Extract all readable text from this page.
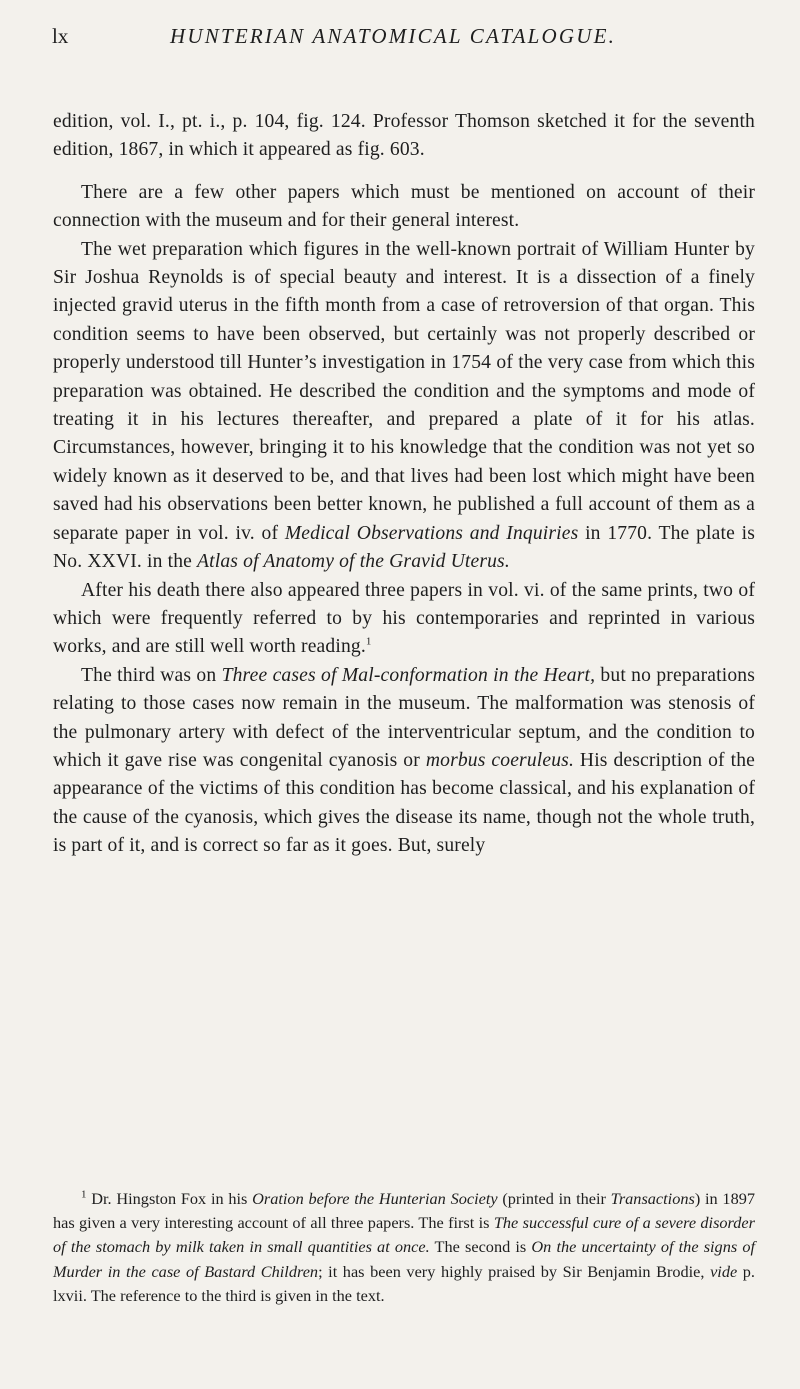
lx	HUNTERIAN ANATOMICAL CATALOGUE.

edition, vol. I., pt. i., p. 104, fig. 124. Professor Thomson sketched it for the seventh edition, 1867, in which it appeared as fig. 603.

There are a few other papers which must be mentioned on account of their connection with the museum and for their general interest.

The wet preparation which figures in the well-known portrait of William Hunter by Sir Joshua Reynolds is of special beauty and interest. It is a dissection of a finely injected gravid uterus in the fifth month from a case of retroversion of that organ. This condition seems to have been observed, but certainly was not properly described or properly understood till Hunter’s investigation in 1754 of the very case from which this preparation was obtained. He described the condition and the symptoms and mode of treating it in his lectures thereafter, and prepared a plate of it for his atlas. Circumstances, however, bringing it to his knowledge that the condition was not yet so widely known as it deserved to be, and that lives had been lost which might have been saved had his observations been better known, he published a full account of them as a separate paper in vol. iv. of Medical Observations and Inquiries in 1770. The plate is No. XXVI. in the Atlas of Anatomy of the Gravid Uterus.

After his death there also appeared three papers in vol. vi. of the same prints, two of which were frequently referred to by his contemporaries and reprinted in various works, and are still well worth reading.$^1$

The third was on Three cases of Mal-conformation in the Heart, but no preparations relating to those cases now remain in the museum. The malformation was stenosis of the pulmonary artery with defect of the interventricular septum, and the condition to which it gave rise was congenital cyanosis or morbus coeruleus. His description of the appearance of the victims of this condition has become classical, and his explanation of the cause of the cyanosis, which gives the disease its name, though not the whole truth, is part of it, and is correct so far as it goes. But, surely

$^1$ Dr. Hingston Fox in his Oration before the Hunterian Society (printed in their Transactions) in 1897 has given a very interesting account of all three papers. The first is The successful cure of a severe disorder of the stomach by milk taken in small quantities at once. The second is On the uncertainty of the signs of Murder in the case of Bastard Children; it has been very highly praised by Sir Benjamin Brodie, vide p. lxvii. The reference to the third is given in the text.
